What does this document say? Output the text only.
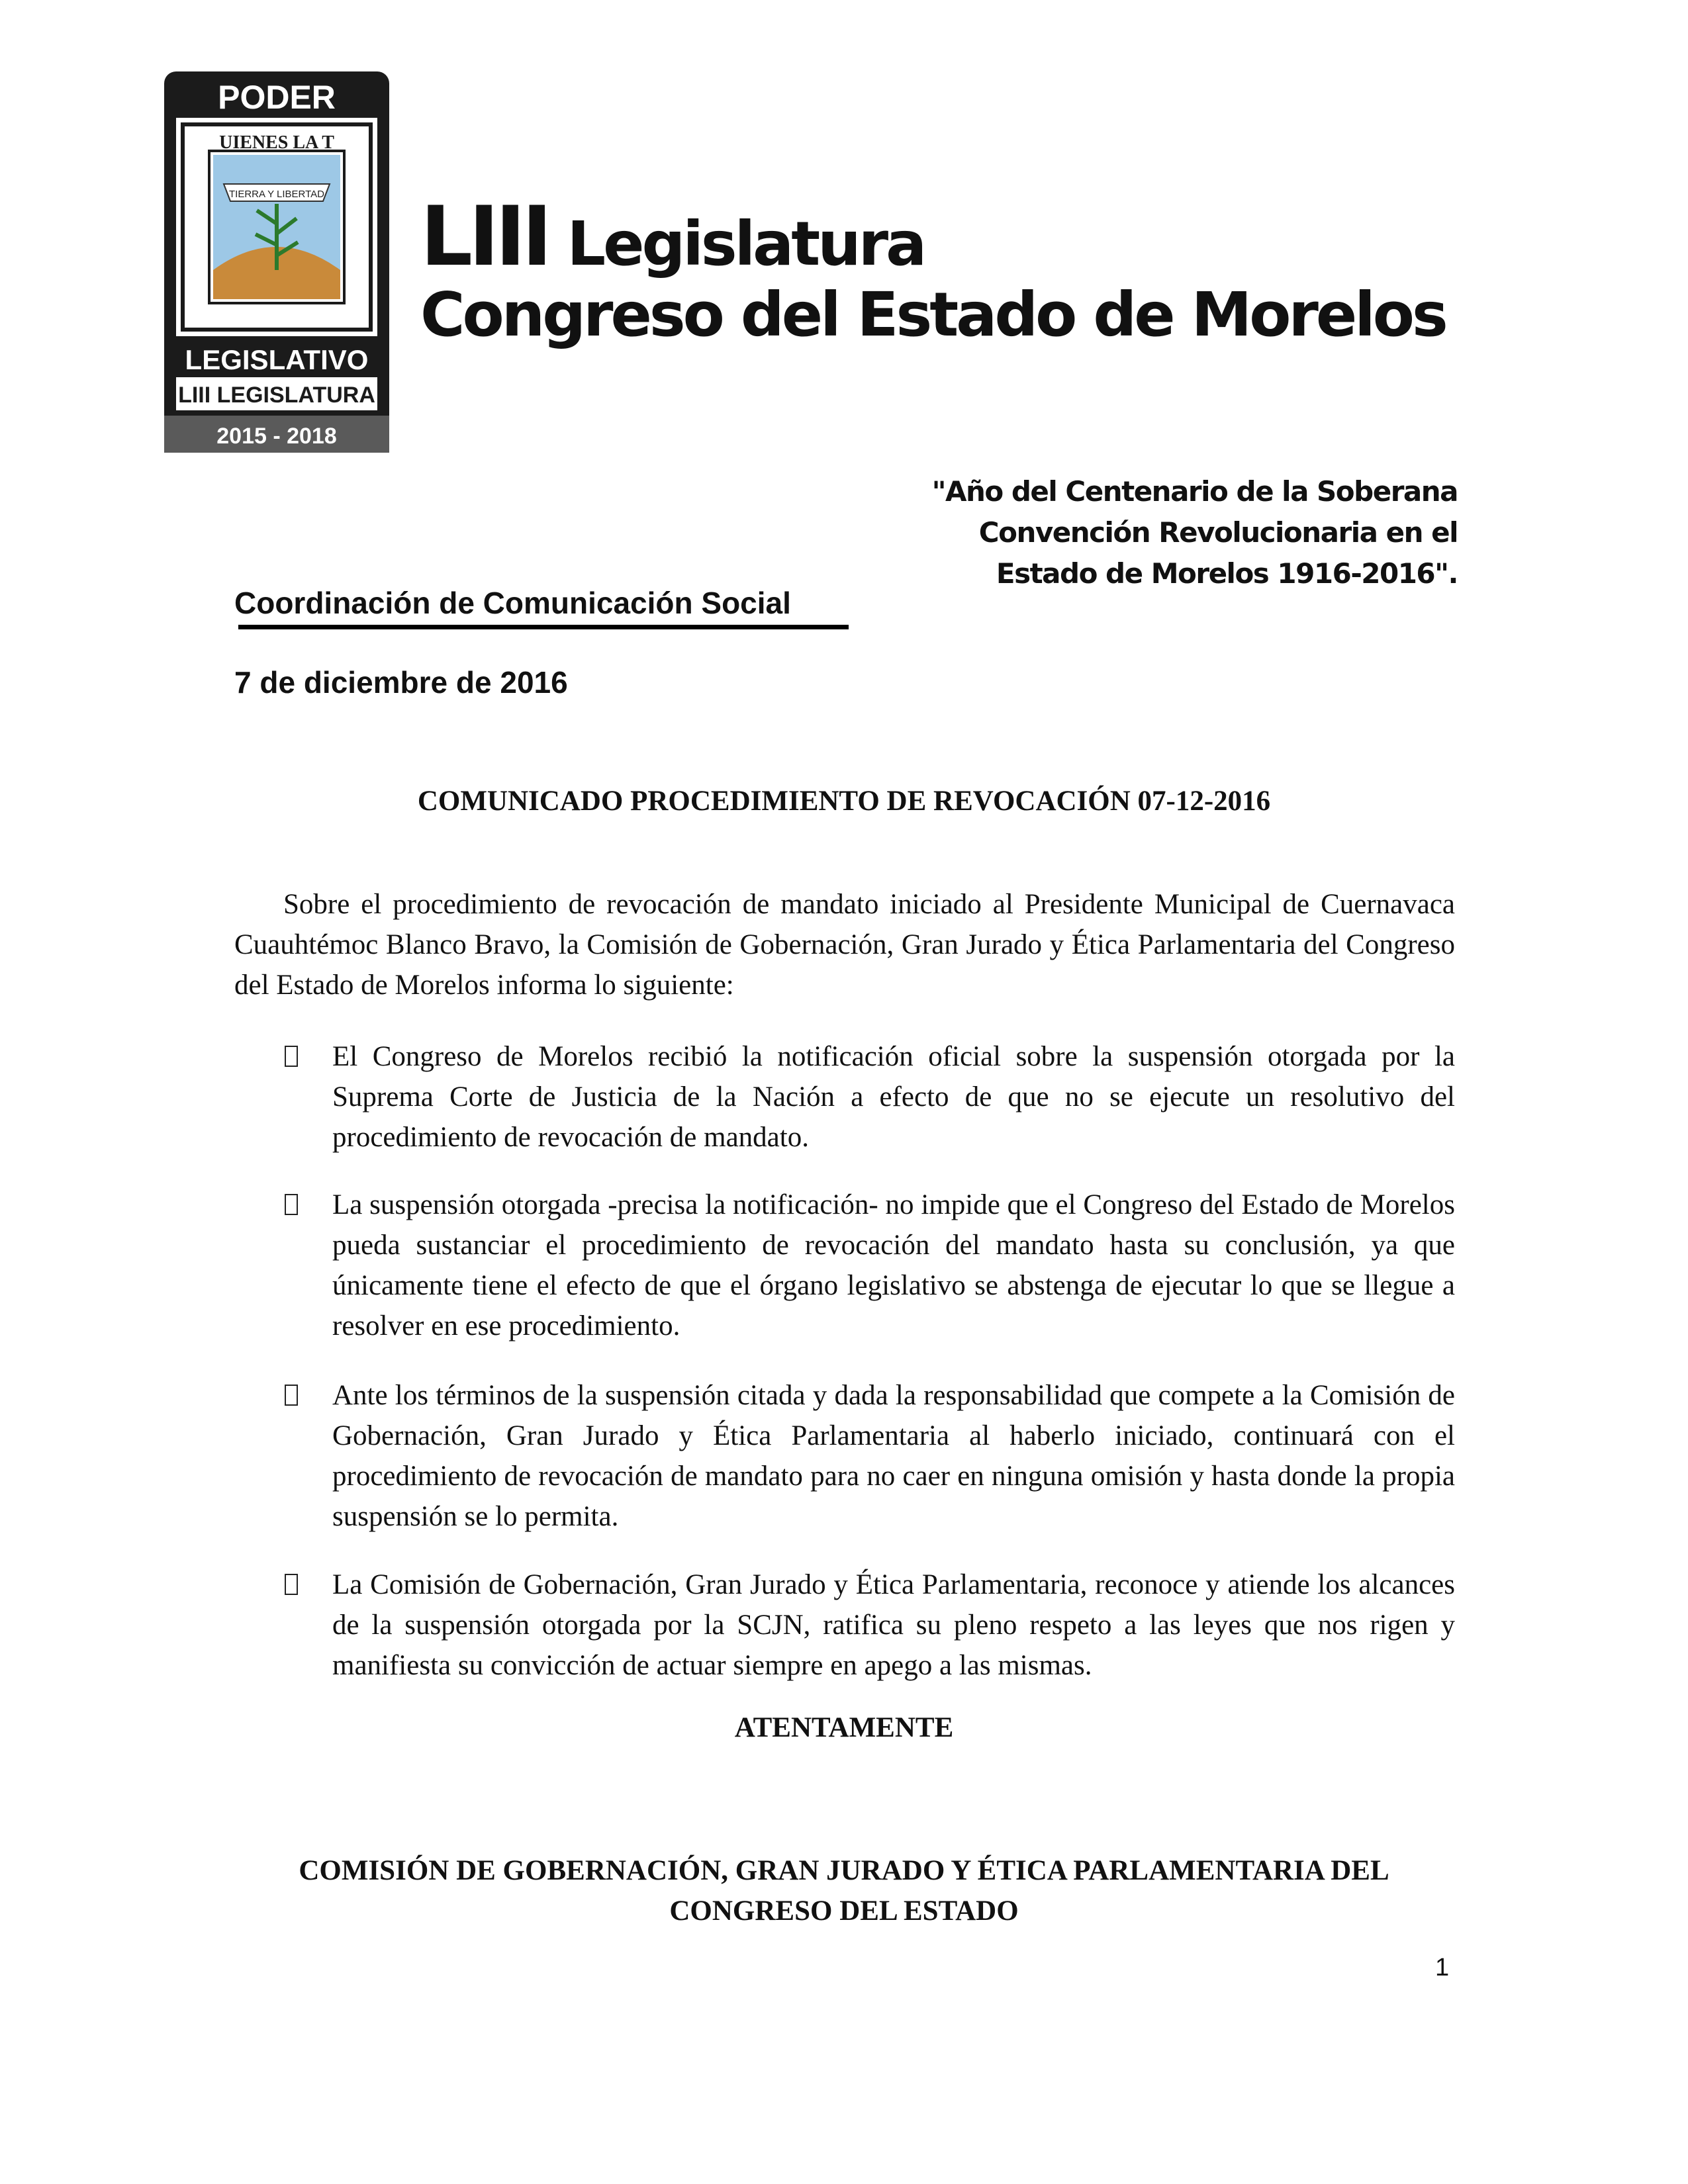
PODER
TIERRA Y LIBERTAD
UIENES LA T
LEGISLATIVO
LIII LEGISLATURA
2015 - 2018
LIII Legislatura
Congreso del Estado de Morelos
"Año del Centenario de la Soberana
Convención Revolucionaria en el
Estado de Morelos 1916-2016".
Coordinación de Comunicación Social
7 de diciembre de 2016
COMUNICADO PROCEDIMIENTO DE REVOCACIÓN 07-12-2016
Sobre el procedimiento de revocación de mandato iniciado al Presidente Municipal de Cuernavaca Cuauhtémoc Blanco Bravo, la Comisión de Gobernación, Gran Jurado y Ética Parlamentaria del Congreso del Estado de Morelos informa lo siguiente:
El Congreso de Morelos recibió la notificación oficial sobre la suspensión otorgada por la Suprema Corte de Justicia de la Nación a efecto de que no se ejecute un resolutivo del procedimiento de revocación de mandato.
La suspensión otorgada -precisa la notificación- no impide que el Congreso del Estado de Morelos pueda sustanciar el procedimiento de revocación del mandato hasta su conclusión, ya que únicamente tiene el efecto de que el órgano legislativo se abstenga de ejecutar lo que se llegue a resolver en ese procedimiento.
Ante los términos de la suspensión citada y dada la responsabilidad que compete a la Comisión de Gobernación, Gran Jurado y Ética Parlamentaria al haberlo iniciado, continuará con el procedimiento de revocación de mandato para no caer en ninguna omisión y hasta donde la propia suspensión se lo permita.
La Comisión de Gobernación, Gran Jurado y Ética Parlamentaria, reconoce y atiende los alcances de la suspensión otorgada por la SCJN, ratifica su pleno respeto a las leyes que nos rigen y manifiesta su convicción de actuar siempre en apego a las mismas.
ATENTAMENTE
COMISIÓN DE GOBERNACIÓN, GRAN JURADO Y ÉTICA PARLAMENTARIA DEL
CONGRESO DEL ESTADO
1
